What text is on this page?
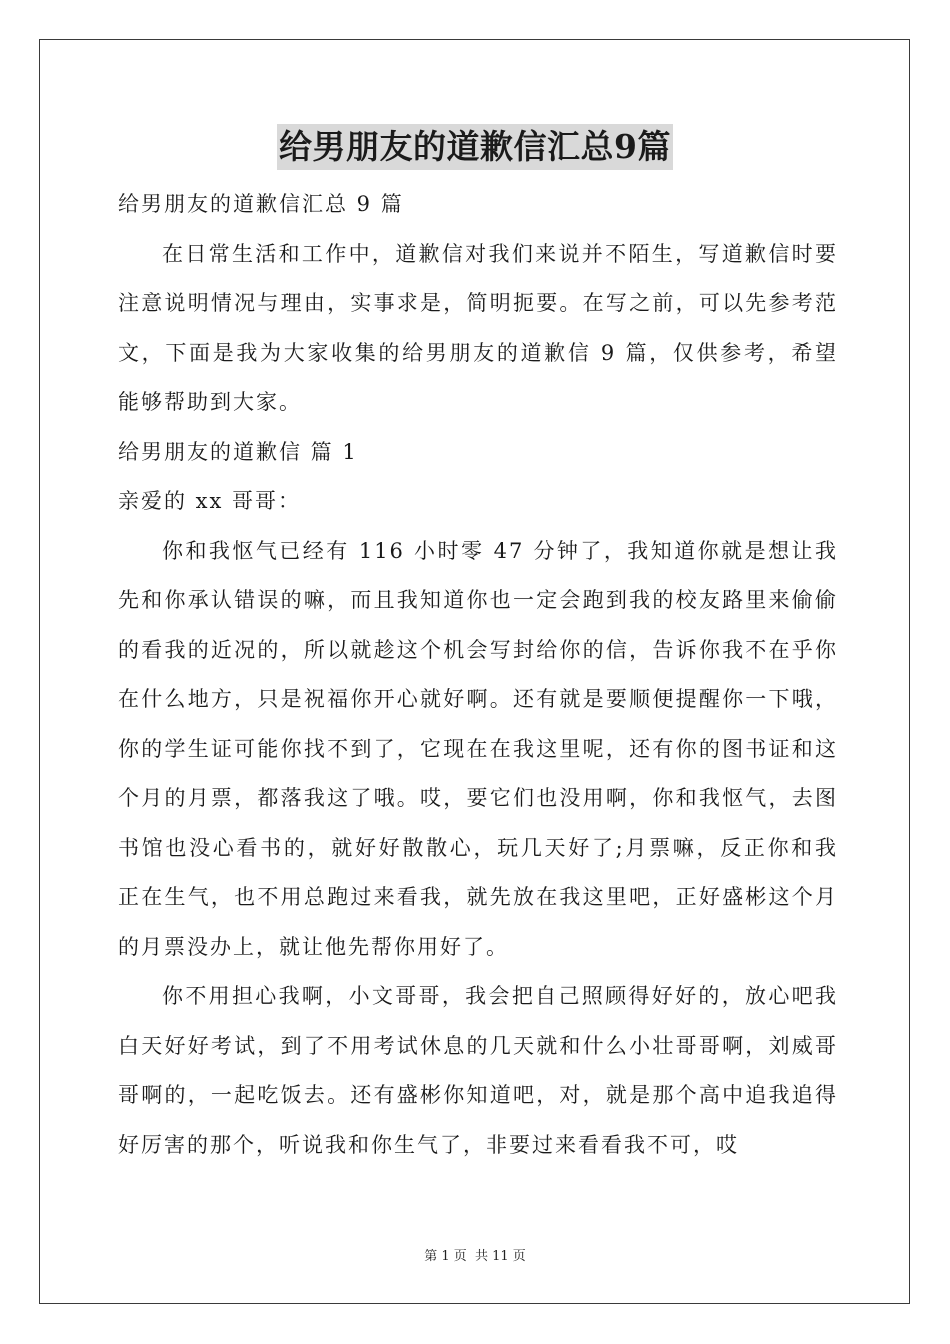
给男朋友的道歉信汇总9篇

给男朋友的道歉信汇总 9 篇

在日常生活和工作中，道歉信对我们来说并不陌生，写道歉信时要注意说明情况与理由，实事求是，简明扼要。在写之前，可以先参考范文，下面是我为大家收集的给男朋友的道歉信 9 篇，仅供参考，希望能够帮助到大家。

给男朋友的道歉信 篇 1

亲爱的 xx 哥哥：

你和我怄气已经有 116 小时零 47 分钟了，我知道你就是想让我先和你承认错误的嘛，而且我知道你也一定会跑到我的校友路里来偷偷的看我的近况的，所以就趁这个机会写封给你的信，告诉你我不在乎你在什么地方，只是祝福你开心就好啊。还有就是要顺便提醒你一下哦，你的学生证可能你找不到了，它现在在我这里呢，还有你的图书证和这个月的月票，都落我这了哦。哎，要它们也没用啊，你和我怄气，去图书馆也没心看书的，就好好散散心，玩几天好了;月票嘛，反正你和我正在生气，也不用总跑过来看我，就先放在我这里吧，正好盛彬这个月的月票没办上，就让他先帮你用好了。

你不用担心我啊，小文哥哥，我会把自己照顾得好好的，放心吧我白天好好考试，到了不用考试休息的几天就和什么小壮哥哥啊，刘威哥哥啊的，一起吃饭去。还有盛彬你知道吧，对，就是那个高中追我追得好厉害的那个，听说我和你生气了，非要过来看看我不可，哎

第 1 页 共 11 页
